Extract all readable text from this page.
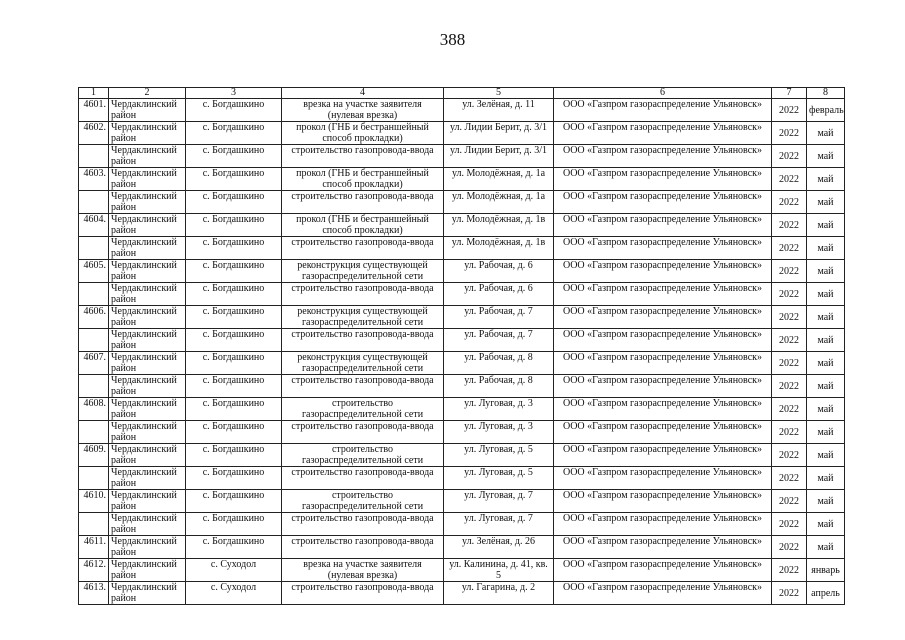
388
1	2	3	4	5	6	7	8
4601.	Чердаклинский район	с. Богдашкино	врезка на участке заявителя (нулевая врезка)	ул. Зелёная, д. 11	ООО «Газпром газораспределение Ульяновск»	2022	февраль
4602.	Чердаклинский район	с. Богдашкино	прокол (ГНБ и бестраншейный способ прокладки)	ул. Лидии Берит, д. 3/1	ООО «Газпром газораспределение Ульяновск»	2022	май
	Чердаклинский район	с. Богдашкино	строительство газопровода-ввода	ул. Лидии Берит, д. 3/1	ООО «Газпром газораспределение Ульяновск»	2022	май
4603.	Чердаклинский район	с. Богдашкино	прокол (ГНБ и бестраншейный способ прокладки)	ул. Молодёжная, д. 1а	ООО «Газпром газораспределение Ульяновск»	2022	май
	Чердаклинский район	с. Богдашкино	строительство газопровода-ввода	ул. Молодёжная, д. 1а	ООО «Газпром газораспределение Ульяновск»	2022	май
4604.	Чердаклинский район	с. Богдашкино	прокол (ГНБ и бестраншейный способ прокладки)	ул. Молодёжная, д. 1в	ООО «Газпром газораспределение Ульяновск»	2022	май
	Чердаклинский район	с. Богдашкино	строительство газопровода-ввода	ул. Молодёжная, д. 1в	ООО «Газпром газораспределение Ульяновск»	2022	май
4605.	Чердаклинский район	с. Богдашкино	реконструкция существующей газораспределительной сети	ул. Рабочая, д. 6	ООО «Газпром газораспределение Ульяновск»	2022	май
	Чердаклинский район	с. Богдашкино	строительство газопровода-ввода	ул. Рабочая, д. 6	ООО «Газпром газораспределение Ульяновск»	2022	май
4606.	Чердаклинский район	с. Богдашкино	реконструкция существующей газораспределительной сети	ул. Рабочая, д. 7	ООО «Газпром газораспределение Ульяновск»	2022	май
	Чердаклинский район	с. Богдашкино	строительство газопровода-ввода	ул. Рабочая, д. 7	ООО «Газпром газораспределение Ульяновск»	2022	май
4607.	Чердаклинский район	с. Богдашкино	реконструкция существующей газораспределительной сети	ул. Рабочая, д. 8	ООО «Газпром газораспределение Ульяновск»	2022	май
	Чердаклинский район	с. Богдашкино	строительство газопровода-ввода	ул. Рабочая, д. 8	ООО «Газпром газораспределение Ульяновск»	2022	май
4608.	Чердаклинский район	с. Богдашкино	строительство газораспределительной сети	ул. Луговая, д. 3	ООО «Газпром газораспределение Ульяновск»	2022	май
	Чердаклинский район	с. Богдашкино	строительство газопровода-ввода	ул. Луговая, д. 3	ООО «Газпром газораспределение Ульяновск»	2022	май
4609.	Чердаклинский район	с. Богдашкино	строительство газораспределительной сети	ул. Луговая, д. 5	ООО «Газпром газораспределение Ульяновск»	2022	май
	Чердаклинский район	с. Богдашкино	строительство газопровода-ввода	ул. Луговая, д. 5	ООО «Газпром газораспределение Ульяновск»	2022	май
4610.	Чердаклинский район	с. Богдашкино	строительство газораспределительной сети	ул. Луговая, д. 7	ООО «Газпром газораспределение Ульяновск»	2022	май
	Чердаклинский район	с. Богдашкино	строительство газопровода-ввода	ул. Луговая, д. 7	ООО «Газпром газораспределение Ульяновск»	2022	май
4611.	Чердаклинский район	с. Богдашкино	строительство газопровода-ввода	ул. Зелёная, д. 26	ООО «Газпром газораспределение Ульяновск»	2022	май
4612.	Чердаклинский район	с. Суходол	врезка на участке заявителя (нулевая врезка)	ул. Калинина, д. 41, кв. 5	ООО «Газпром газораспределение Ульяновск»	2022	январь
4613.	Чердаклинский район	с. Суходол	строительство газопровода-ввода	ул. Гагарина, д. 2	ООО «Газпром газораспределение Ульяновск»	2022	апрель
